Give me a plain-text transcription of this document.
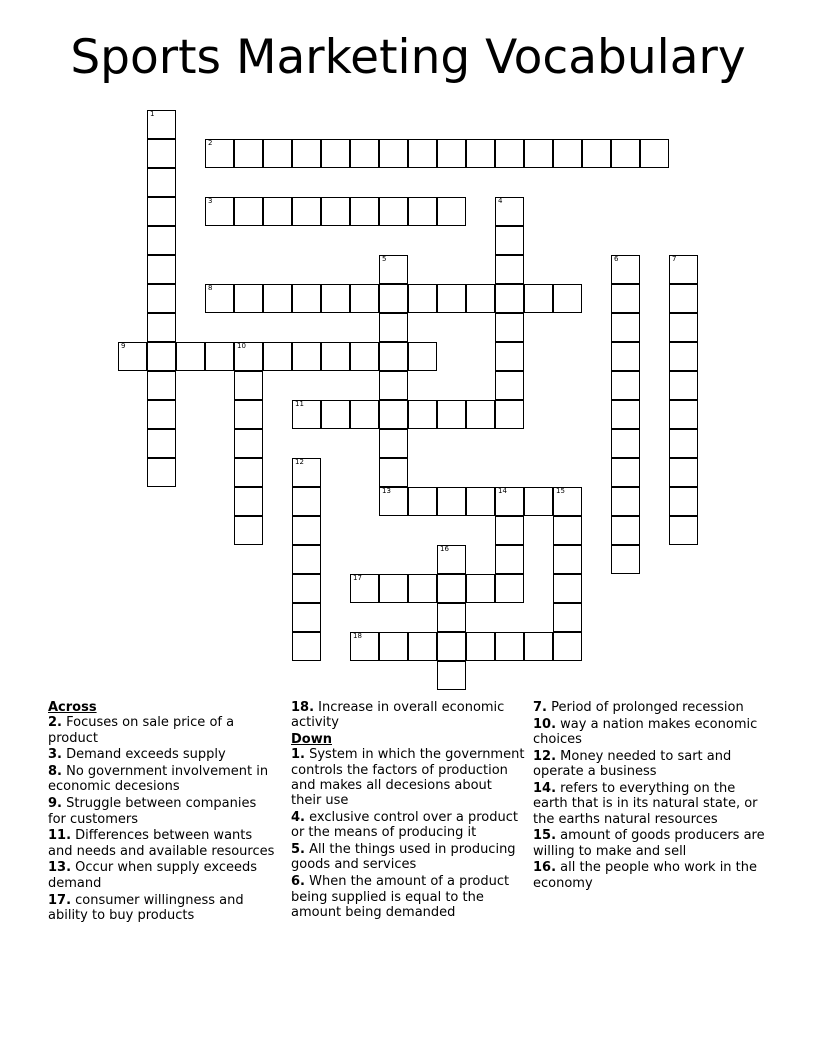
Sports Marketing Vocabulary
2
3
8
9	10
11
13	14	15
17
18
1
4
5	6	7
12
16
Across
2. Focuses on sale price of a product
3. Demand exceeds supply
8. No government involvement in economic decesions
9. Struggle between companies for customers
11. Differences between wants and needs and available resources
13. Occur when supply exceeds demand
17. consumer willingness and ability to buy products
18. Increase in overall economic activity
Down
1. System in which the government controls the factors of production and makes all decesions about their use
4. exclusive control over a product or the means of producing it
5. All the things used in producing goods and services
6. When the amount of a product being supplied is equal to the amount being demanded
7. Period of prolonged recession
10. way a nation makes economic choices
12. Money needed to sart and operate a business
14. refers to everything on the earth that is in its natural state, or the earths natural resources
15. amount of goods producers are willing to make and sell
16. all the people who work in the economy
